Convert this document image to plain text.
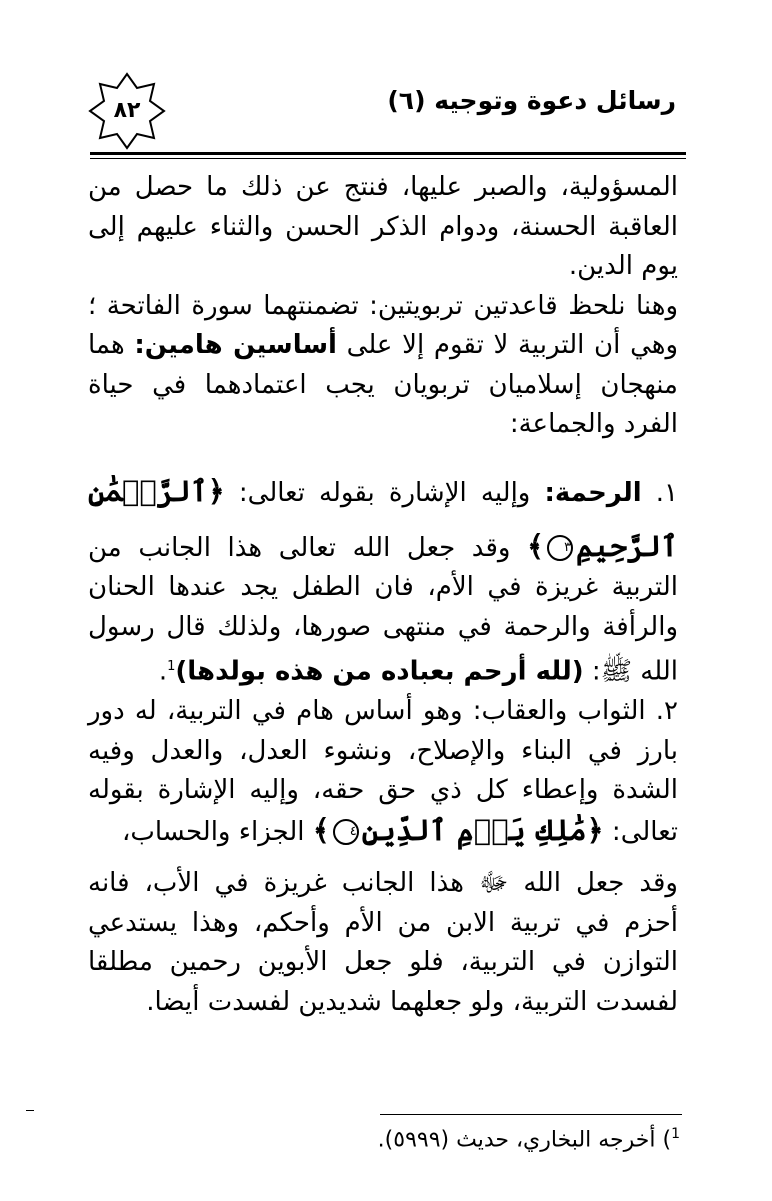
رسائل دعوة وتوجيه (٦)
٨٢

المسؤولية، والصبر عليها، فنتج عن ذلك ما حصل من العاقبة الحسنة، ودوام الذكر الحسن والثناء عليهم إلى يوم الدين.

وهنا نلحظ قاعدتين تربويتين: تضمنتهما سورة الفاتحة ؛ وهي أن التربية لا تقوم إلا على أساسين هامين: هما منهجان إسلاميان تربويان يجب اعتمادهما في حياة الفرد والجماعة:

١. الرحمة: وإليه الإشارة بقوله تعالى: ﴿ٱلرَّحۡمَٰنِ ٱلرَّحِيمِ٣﴾ وقد جعل الله تعالى هذا الجانب من التربية غريزة في الأم، فان الطفل يجد عندها الحنان والرأفة والرحمة في منتهى صورها، ولذلك قال رسول الله ﷺ: (لله أرحم بعباده من هذه بولدها)$^1$.

٢. الثواب والعقاب: وهو أساس هام في التربية، له دور بارز في البناء والإصلاح، ونشوء العدل، والعدل وفيه الشدة وإعطاء كل ذي حق حقه، وإليه الإشارة بقوله تعالى: ﴿مَٰلِكِ يَوۡمِ ٱلدِّينِ٤﴾ الجزاء والحساب،

وقد جعل الله ﷻ هذا الجانب غريزة في الأب، فانه أحزم في تربية الابن من الأم وأحكم، وهذا يستدعي التوازن في التربية، فلو جعل الأبوين رحمين مطلقا لفسدت التربية، ولو جعلهما شديدين لفسدت أيضا.

$^1$) أخرجه البخاري، حديث (٥٩٩٩).
